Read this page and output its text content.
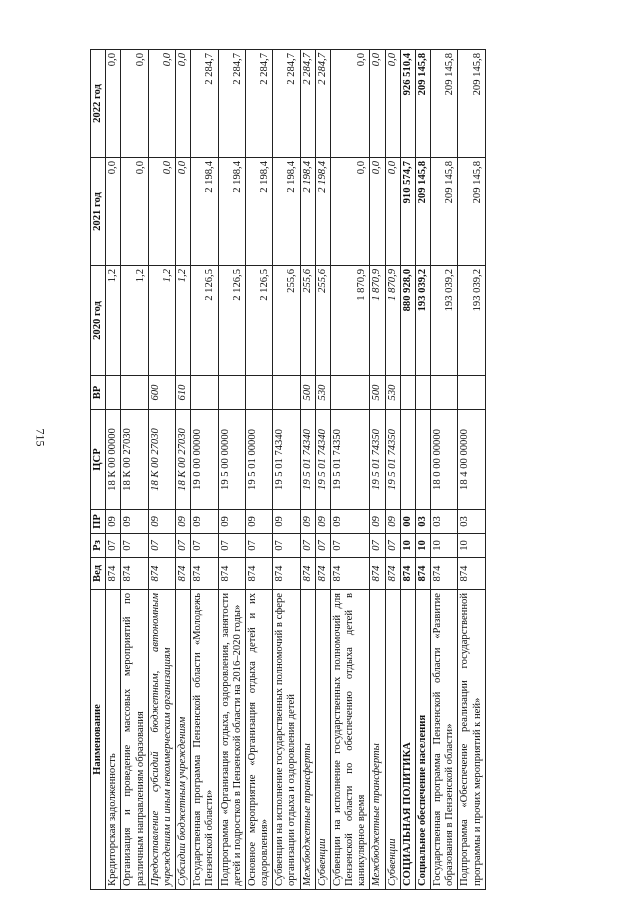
715
Наименование	Вед	Рз	ПР	ЦСР	ВР	2020 год	2021 год	2022 год
Кредиторская задолженность	874	07	09	18 К 00 00000		1,2	0,0	0,0
Организация и проведение массовых мероприятий по различным направлениям образования	874	07	09	18 К 00 27030		1,2	0,0	0,0
Предоставление субсидий бюджетным, автономным учреждениям и иным некоммерческим организациям	874	07	09	18 К 00 27030	600	1,2	0,0	0,0
Субсидии бюджетным учреждениям	874	07	09	18 К 00 27030	610	1,2	0,0	0,0
Государственная программа Пензенской области «Молодежь Пензенской области»	874	07	09	19 0 00 00000		2 126,5	2 198,4	2 284,7
Подпрограмма «Организация отдыха, оздоровления, занятости детей и подростков в Пензенской области на 2016–2020 годы»	874	07	09	19 5 00 00000		2 126,5	2 198,4	2 284,7
Основное мероприятие «Организация отдыха детей и их оздоровления»	874	07	09	19 5 01 00000		2 126,5	2 198,4	2 284,7
Субвенции на исполнение государственных полномочий в сфере организации отдыха и оздоровления детей	874	07	09	19 5 01 74340		255,6	2 198,4	2 284,7
Межбюджетные трансферты	874	07	09	19 5 01 74340	500	255,6	2 198,4	2 284,7
Субвенции	874	07	09	19 5 01 74340	530	255,6	2 198,4	2 284,7
Субвенции на исполнение государственных полномочий для Пензенской области по обеспечению отдыха детей в каникулярное время	874	07	09	19 5 01 74350		1 870,9	0,0	0,0
Межбюджетные трансферты	874	07	09	19 5 01 74350	500	1 870,9	0,0	0,0
Субвенции	874	07	09	19 5 01 74350	530	1 870,9	0,0	0,0
СОЦИАЛЬНАЯ ПОЛИТИКА	874	10	00			880 928,0	910 574,7	926 510,4
Социальное обеспечение населения	874	10	03			193 039,2	209 145,8	209 145,8
Государственная программа Пензенской области «Развитие образования в Пензенской области»	874	10	03	18 0 00 00000		193 039,2	209 145,8	209 145,8
Подпрограмма «Обеспечение реализации государственной программы и прочих мероприятий к ней»	874	10	03	18 4 00 00000		193 039,2	209 145,8	209 145,8
